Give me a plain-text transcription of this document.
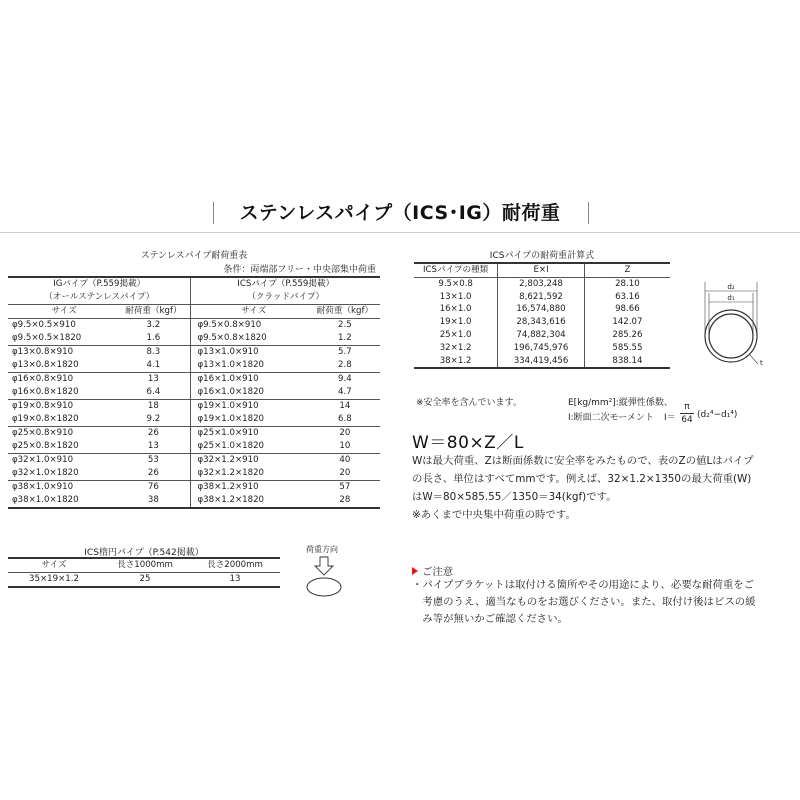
ステンレスパイプ（ICS･IG）耐荷重
ステンレスパイプ耐荷重表
条件：両端部フリー・中央部集中荷重
IGパイプ（P.559掲載）		ICSパイプ（P.559掲載）	
（オールステンレスパイプ）		（クラッドパイプ）	
サイズ	耐荷重（kgf）	サイズ	耐荷重（kgf）
φ9.5×0.5×910	3.2	φ9.5×0.8×910	2.5
φ9.5×0.5×1820	1.6	φ9.5×0.8×1820	1.2
φ13×0.8×910	8.3	φ13×1.0×910	5.7
φ13×0.8×1820	4.1	φ13×1.0×1820	2.8
φ16×0.8×910	13	φ16×1.0×910	9.4
φ16×0.8×1820	6.4	φ16×1.0×1820	4.7
φ19×0.8×910	18	φ19×1.0×910	14
φ19×0.8×1820	9.2	φ19×1.0×1820	6.8
φ25×0.8×910	26	φ25×1.0×910	20
φ25×0.8×1820	13	φ25×1.0×1820	10
φ32×1.0×910	53	φ32×1.2×910	40
φ32×1.0×1820	26	φ32×1.2×1820	20
φ38×1.0×910	76	φ38×1.2×910	57
φ38×1.0×1820	38	φ38×1.2×1820	28
ICS楕円パイプ（P.542掲載）
サイズ	長さ1000mm	長さ2000mm
35×19×1.2	25	13
荷重方向
ICSパイプの耐荷重計算式
ICSパイプの種類	E×I	Z
9.5×0.8	2,803,248	28.10
13×1.0	8,621,592	63.16
16×1.0	16,574,880	98.66
19×1.0	28,343,616	142.07
25×1.0	74,882,304	285.26
32×1.2	196,745,976	585.55
38×1.2	334,419,456	838.14
d₂
d₁
t
※安全率を含んでいます。	E[kg/mm²]:縦弾性係数、
I:断面二次モーメント I＝
π
64 (d₂⁴−d₁⁴)
W＝80×Z／L
Wは最大荷重、Zは断面係数に安全率をみたもので、表のZの値Lはパイプ
の長さ、単位はすべてmmです。例えば、32×1.2×1350の最大荷重(W)
はW＝80×585.55／1350＝34(kgf)です。
※あくまで中央集中荷重の時です。
ご注意
・パイプブラケットは取付ける箇所やその用途により、必要な耐荷重をご
　考慮のうえ、適当なものをお選びください。また、取付け後はビスの緩
　み等が無いかご確認ください。
